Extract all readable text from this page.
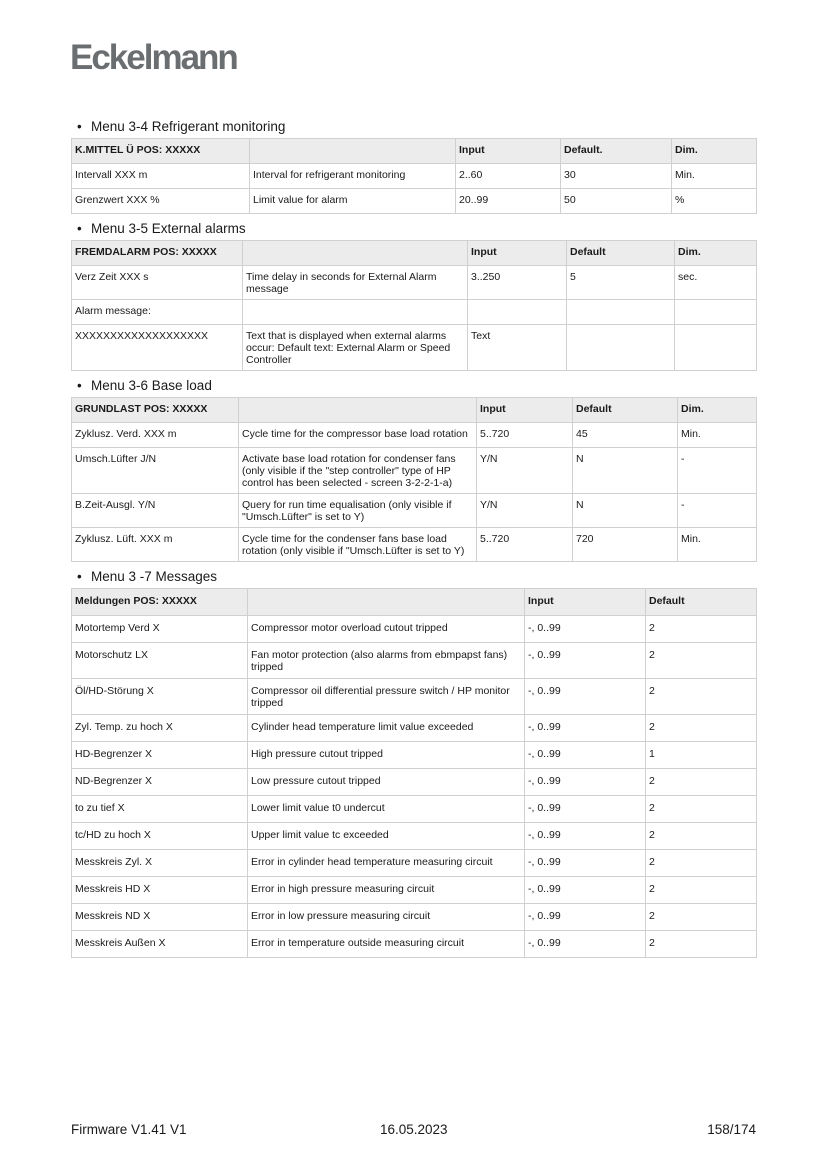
Eckelmann
• Menu 3-4 Refrigerant monitoring
K.MITTEL Ü POS: XXXXX		Input	Default.	Dim.
Intervall XXX m	Interval for refrigerant monitoring	2..60	30	Min.
Grenzwert XXX %	Limit value for alarm	20..99	50	%
• Menu 3-5 External alarms
FREMDALARM POS: XXXXX		Input	Default	Dim.
Verz Zeit XXX s	Time delay in seconds for External Alarm message	3..250	5	sec.
Alarm message:				
XXXXXXXXXXXXXXXXXXX	Text that is displayed when external alarms occur: Default text: External Alarm or Speed Controller	Text		
• Menu 3-6 Base load
GRUNDLAST POS: XXXXX		Input	Default	Dim.
Zyklusz. Verd. XXX m	Cycle time for the compressor base load rotation	5..720	45	Min.
Umsch.Lüfter J/N	Activate base load rotation for condenser fans (only visible if the "step controller" type of HP control has been selected - screen 3-2-2-1-a)	Y/N	N	-
B.Zeit-Ausgl. Y/N	Query for run time equalisation (only visible if "Umsch.Lüfter" is set to Y)	Y/N	N	-
Zyklusz. Lüft. XXX m	Cycle time for the condenser fans base load rotation (only visible if "Umsch.Lüfter is set to Y)	5..720	720	Min.
• Menu 3 -7 Messages
Meldungen POS: XXXXX		Input	Default
Motortemp Verd X	Compressor motor overload cutout tripped	-, 0..99	2
Motorschutz LX	Fan motor protection (also alarms from ebmpapst fans) tripped	-, 0..99	2
Öl/HD-Störung X	Compressor oil differential pressure switch / HP monitor tripped	-, 0..99	2
Zyl. Temp. zu hoch X	Cylinder head temperature limit value exceeded	-, 0..99	2
HD-Begrenzer X	High pressure cutout tripped	-, 0..99	1
ND-Begrenzer X	Low pressure cutout tripped	-, 0..99	2
to zu tief X	Lower limit value t0 undercut	-, 0..99	2
tc/HD zu hoch X	Upper limit value tc exceeded	-, 0..99	2
Messkreis Zyl. X	Error in cylinder head temperature measuring circuit	-, 0..99	2
Messkreis HD X	Error in high pressure measuring circuit	-, 0..99	2
Messkreis ND X	Error in low pressure measuring circuit	-, 0..99	2
Messkreis Außen X	Error in temperature outside measuring circuit	-, 0..99	2
Firmware V1.41 V1	16.05.2023	158/174
